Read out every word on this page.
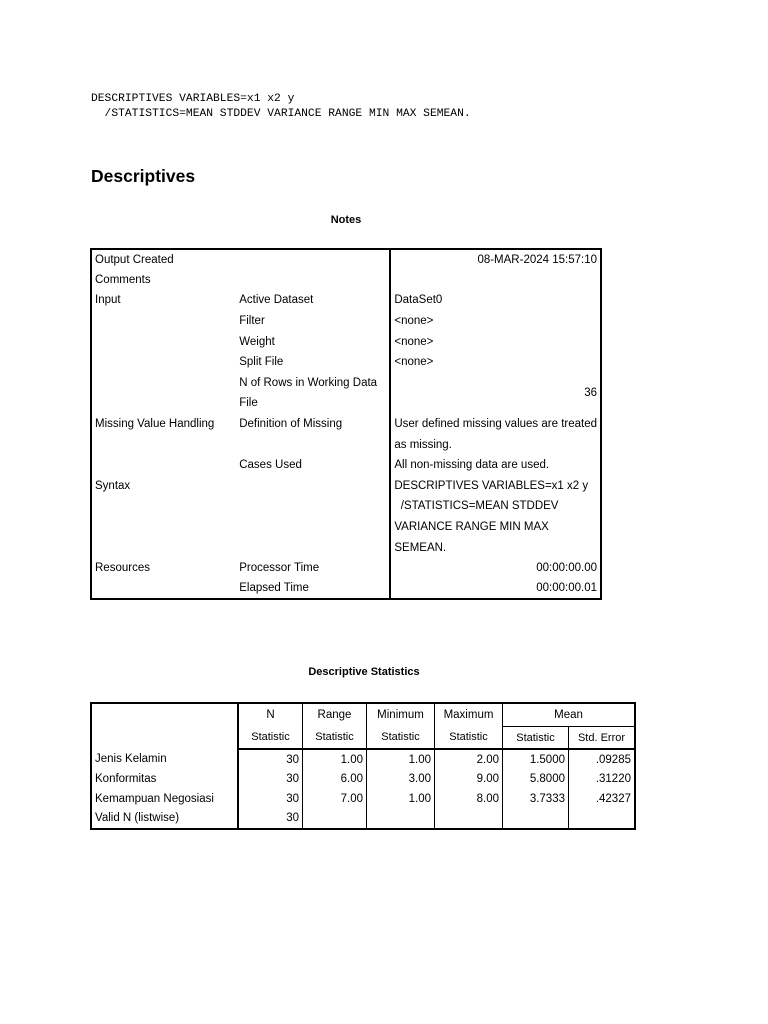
DESCRIPTIVES VARIABLES=x1 x2 y
/STATISTICS=MEAN STDDEV VARIANCE RANGE MIN MAX SEMEAN.
Descriptives
Notes
Output Created		08-MAR-2024 15:57:10
Comments		
Input	Active Dataset	DataSet0
	Filter	<none>
	Weight	<none>
	Split File	<none>
	N of Rows in Working Data	36
	File	
Missing Value Handling	Definition of Missing	User defined missing values are treated
		as missing.
	Cases Used	All non-missing data are used.
Syntax		DESCRIPTIVES VARIABLES=x1 x2 y
		/STATISTICS=MEAN STDDEV
		VARIANCE RANGE MIN MAX
		SEMEAN.
Resources	Processor Time	00:00:00.00
	Elapsed Time	00:00:00.01
Descriptive Statistics
	N	Range	Minimum	Maximum	Mean	
	Statistic	Statistic	Statistic	Statistic	Statistic	Std. Error
Jenis Kelamin	30	1.00	1.00	2.00	1.5000	.09285
Konformitas	30	6.00	3.00	9.00	5.8000	.31220
Kemampuan Negosiasi	30	7.00	1.00	8.00	3.7333	.42327
Valid N (listwise)	30					
